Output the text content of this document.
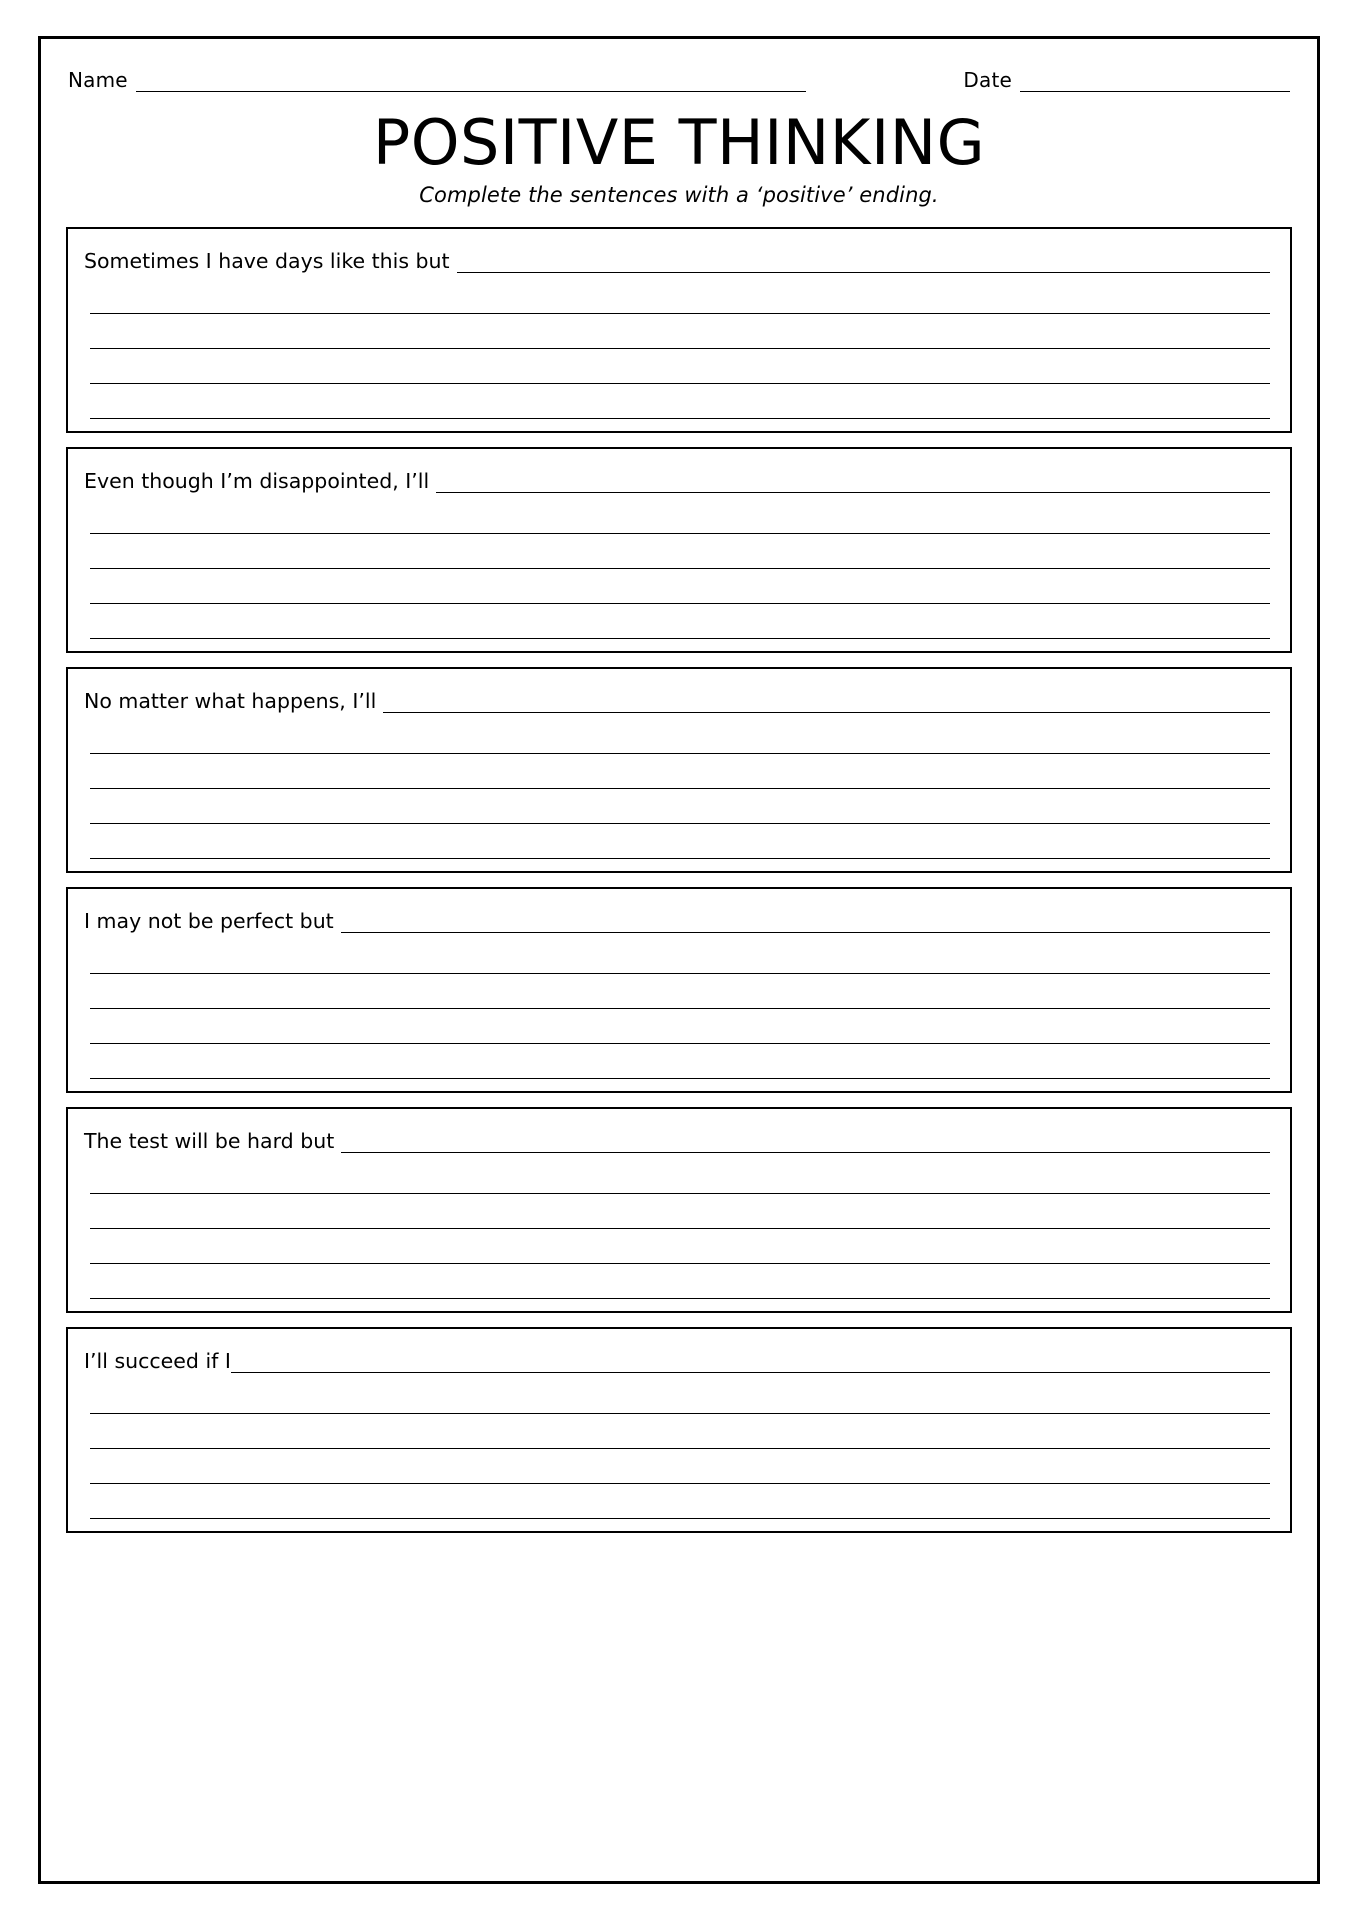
Name	Date
POSITIVE THINKING

Complete the sentences with a ‘positive’ ending.

Sometimes I have days like this but
Even though I’m disappointed, I’ll
No matter what happens, I’ll
I may not be perfect but
The test will be hard but
I’ll succeed if I
